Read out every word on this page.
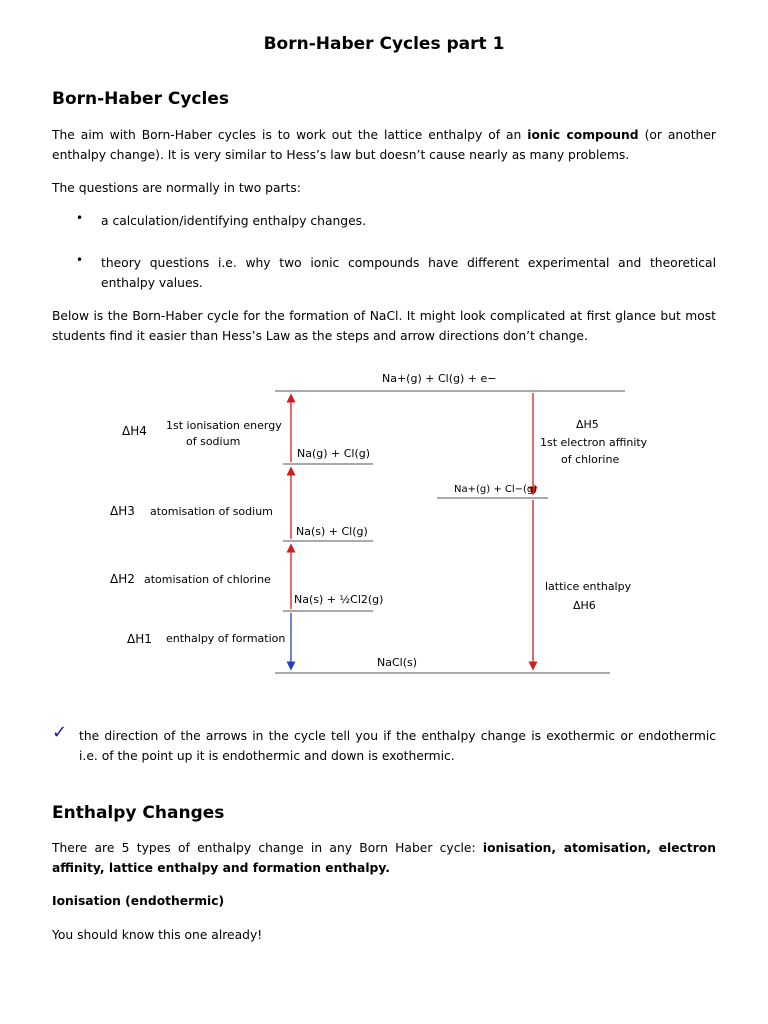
Born-Haber Cycles part 1
Born-Haber Cycles

The aim with Born-Haber cycles is to work out the lattice enthalpy of an ionic compound (or another enthalpy change). It is very similar to Hess’s law but doesn’t cause nearly as many problems.

The questions are normally in two parts:

• a calculation/identifying enthalpy changes.

• theory questions i.e. why two ionic compounds have different experimental and theoretical enthalpy values.

Below is the Born-Haber cycle for the formation of NaCl. It might look complicated at first glance but most students find it easier than Hess’s Law as the steps and arrow directions don’t change.

Na+(g) + Cl(g) + e−
Na(g) + Cl(g)
Na+(g) + Cl−(g)
Na(s) + Cl(g)
Na(s) + ½Cl2(g)
NaCl(s)
ΔH4 1st ionisation energy
of sodium
ΔH3 atomisation of sodium
ΔH2 atomisation of chlorine
ΔH1 enthalpy of formation
ΔH5
1st electron affinity
of chlorine
lattice enthalpy
ΔH6
✓ the direction of the arrows in the cycle tell you if the enthalpy change is exothermic or endothermic i.e. of the point up it is endothermic and down is exothermic.

Enthalpy Changes

There are 5 types of enthalpy change in any Born Haber cycle: ionisation, atomisation, electron affinity, lattice enthalpy and formation enthalpy.

Ionisation (endothermic)

You should know this one already!
